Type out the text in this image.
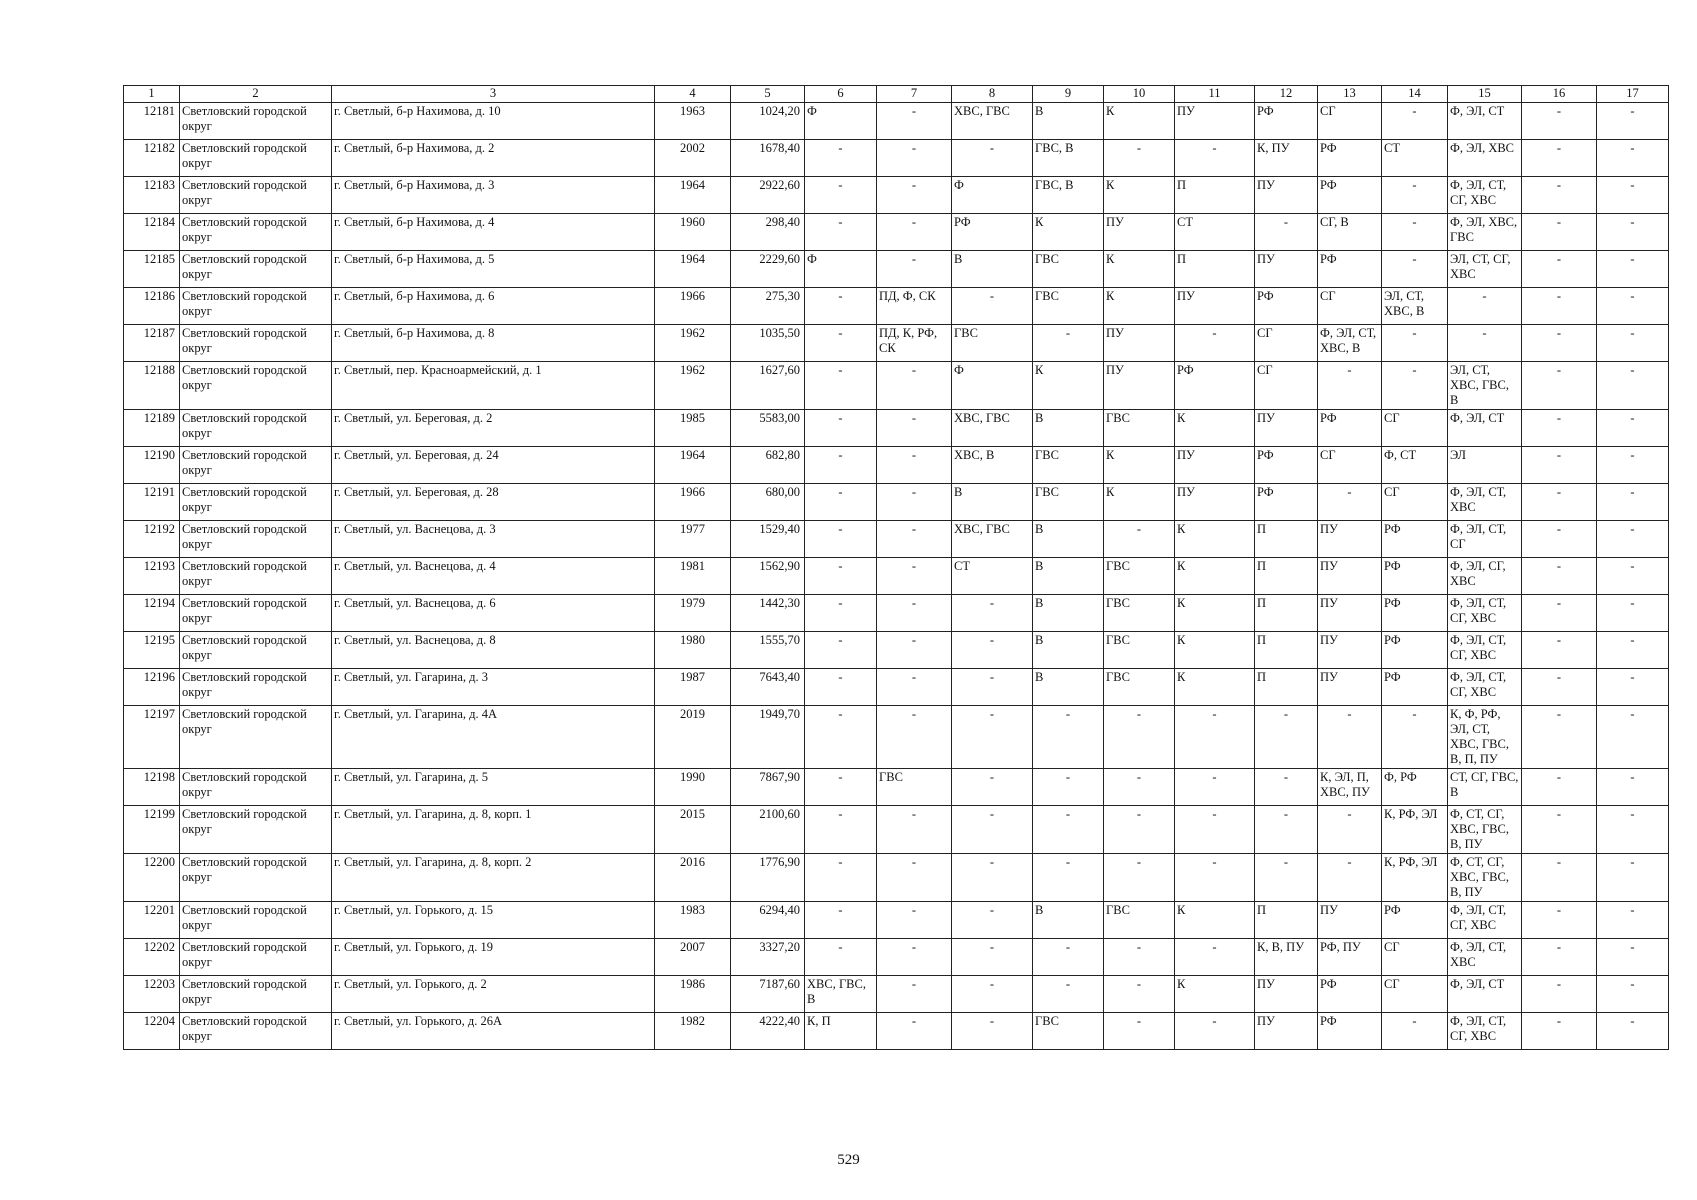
1	2	3	4	5	6	7	8	9	10	11	12	13	14	15	16	17
12181	Светловский городской округ	г. Светлый, б-р Нахимова, д. 10	1963	1024,20	Ф	-	ХВС, ГВС	В	К	ПУ	РФ	СГ	-	Ф, ЭЛ, СТ	-	-
12182	Светловский городской округ	г. Светлый, б-р Нахимова, д. 2	2002	1678,40	-	-	-	ГВС, В	-	-	К, ПУ	РФ	СТ	Ф, ЭЛ, ХВС	-	-
12183	Светловский городской округ	г. Светлый, б-р Нахимова, д. 3	1964	2922,60	-	-	Ф	ГВС, В	К	П	ПУ	РФ	-	Ф, ЭЛ, СТ, СГ, ХВС	-	-
12184	Светловский городской округ	г. Светлый, б-р Нахимова, д. 4	1960	298,40	-	-	РФ	К	ПУ	СТ	-	СГ, В	-	Ф, ЭЛ, ХВС, ГВС	-	-
12185	Светловский городской округ	г. Светлый, б-р Нахимова, д. 5	1964	2229,60	Ф	-	В	ГВС	К	П	ПУ	РФ	-	ЭЛ, СТ, СГ, ХВС	-	-
12186	Светловский городской округ	г. Светлый, б-р Нахимова, д. 6	1966	275,30	-	ПД, Ф, СК	-	ГВС	К	ПУ	РФ	СГ	ЭЛ, СТ, ХВС, В	-	-	-
12187	Светловский городской округ	г. Светлый, б-р Нахимова, д. 8	1962	1035,50	-	ПД, К, РФ, СК	ГВС	-	ПУ	-	СГ	Ф, ЭЛ, СТ, ХВС, В	-	-	-	-
12188	Светловский городской округ	г. Светлый, пер. Красноармейский, д. 1	1962	1627,60	-	-	Ф	К	ПУ	РФ	СГ	-	-	ЭЛ, СТ, ХВС, ГВС, В	-	-
12189	Светловский городской округ	г. Светлый, ул. Береговая, д. 2	1985	5583,00	-	-	ХВС, ГВС	В	ГВС	К	ПУ	РФ	СГ	Ф, ЭЛ, СТ	-	-
12190	Светловский городской округ	г. Светлый, ул. Береговая, д. 24	1964	682,80	-	-	ХВС, В	ГВС	К	ПУ	РФ	СГ	Ф, СТ	ЭЛ	-	-
12191	Светловский городской округ	г. Светлый, ул. Береговая, д. 28	1966	680,00	-	-	В	ГВС	К	ПУ	РФ	-	СГ	Ф, ЭЛ, СТ, ХВС	-	-
12192	Светловский городской округ	г. Светлый, ул. Васнецова, д. 3	1977	1529,40	-	-	ХВС, ГВС	В	-	К	П	ПУ	РФ	Ф, ЭЛ, СТ, СГ	-	-
12193	Светловский городской округ	г. Светлый, ул. Васнецова, д. 4	1981	1562,90	-	-	СТ	В	ГВС	К	П	ПУ	РФ	Ф, ЭЛ, СГ, ХВС	-	-
12194	Светловский городской округ	г. Светлый, ул. Васнецова, д. 6	1979	1442,30	-	-	-	В	ГВС	К	П	ПУ	РФ	Ф, ЭЛ, СТ, СГ, ХВС	-	-
12195	Светловский городской округ	г. Светлый, ул. Васнецова, д. 8	1980	1555,70	-	-	-	В	ГВС	К	П	ПУ	РФ	Ф, ЭЛ, СТ, СГ, ХВС	-	-
12196	Светловский городской округ	г. Светлый, ул. Гагарина, д. 3	1987	7643,40	-	-	-	В	ГВС	К	П	ПУ	РФ	Ф, ЭЛ, СТ, СГ, ХВС	-	-
12197	Светловский городской округ	г. Светлый, ул. Гагарина, д. 4А	2019	1949,70	-	-	-	-	-	-	-	-	-	К, Ф, РФ, ЭЛ, СТ, ХВС, ГВС, В, П, ПУ	-	-
12198	Светловский городской округ	г. Светлый, ул. Гагарина, д. 5	1990	7867,90	-	ГВС	-	-	-	-	-	К, ЭЛ, П, ХВС, ПУ	Ф, РФ	СТ, СГ, ГВС, В	-	-
12199	Светловский городской округ	г. Светлый, ул. Гагарина, д. 8, корп. 1	2015	2100,60	-	-	-	-	-	-	-	-	К, РФ, ЭЛ	Ф, СТ, СГ, ХВС, ГВС, В, ПУ	-	-
12200	Светловский городской округ	г. Светлый, ул. Гагарина, д. 8, корп. 2	2016	1776,90	-	-	-	-	-	-	-	-	К, РФ, ЭЛ	Ф, СТ, СГ, ХВС, ГВС, В, ПУ	-	-
12201	Светловский городской округ	г. Светлый, ул. Горького, д. 15	1983	6294,40	-	-	-	В	ГВС	К	П	ПУ	РФ	Ф, ЭЛ, СТ, СГ, ХВС	-	-
12202	Светловский городской округ	г. Светлый, ул. Горького, д. 19	2007	3327,20	-	-	-	-	-	-	К, В, ПУ	РФ, ПУ	СГ	Ф, ЭЛ, СТ, ХВС	-	-
12203	Светловский городской округ	г. Светлый, ул. Горького, д. 2	1986	7187,60	ХВС, ГВС, В	-	-	-	-	К	ПУ	РФ	СГ	Ф, ЭЛ, СТ	-	-
12204	Светловский городской округ	г. Светлый, ул. Горького, д. 26А	1982	4222,40	К, П	-	-	ГВС	-	-	ПУ	РФ	-	Ф, ЭЛ, СТ, СГ, ХВС	-	-
529
